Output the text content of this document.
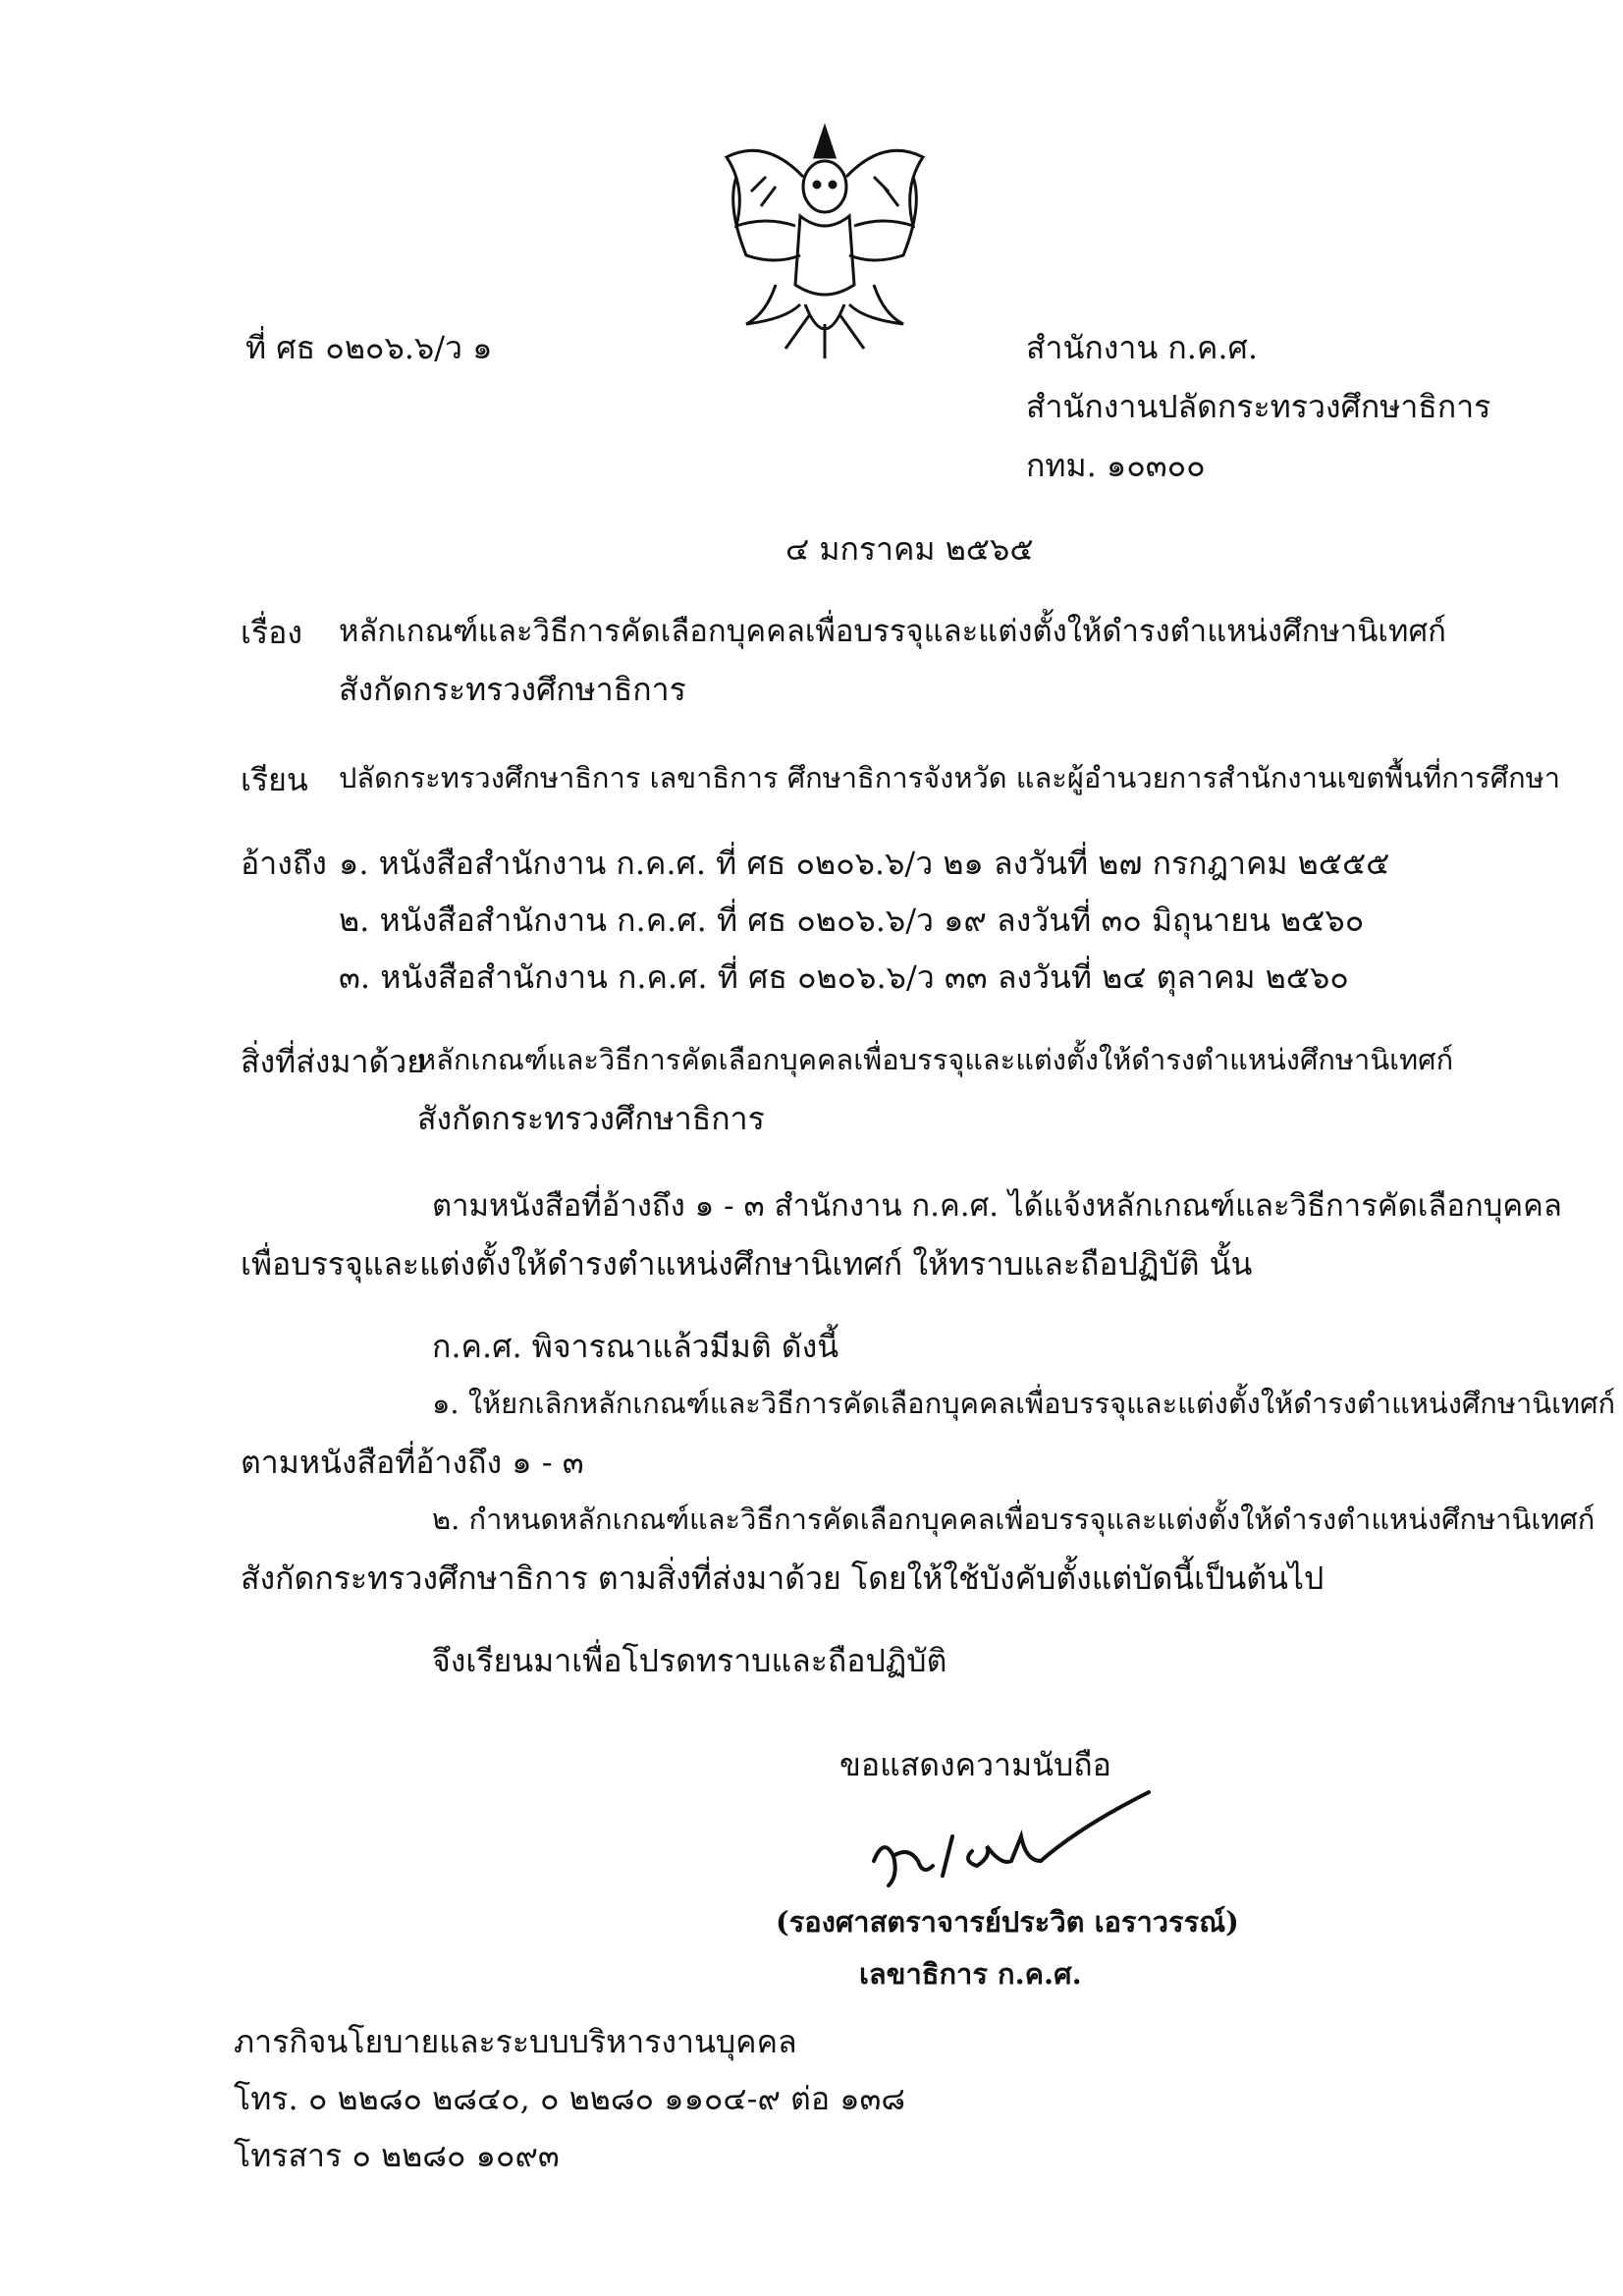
ที่ ศธ ๐๒๐๖.๖/ว ๑	สำนักงาน ก.ค.ศ.
สำนักงานปลัดกระทรวงศึกษาธิการ
กทม. ๑๐๓๐๐
๔ มกราคม ๒๕๖๕
เรื่อง หลักเกณฑ์และวิธีการคัดเลือกบุคคลเพื่อบรรจุและแต่งตั้งให้ดำรงตำแหน่งศึกษานิเทศก์
สังกัดกระทรวงศึกษาธิการ
เรียน ปลัดกระทรวงศึกษาธิการ เลขาธิการ ศึกษาธิการจังหวัด และผู้อำนวยการสำนักงานเขตพื้นที่การศึกษา
อ้างถึง ๑. หนังสือสำนักงาน ก.ค.ศ. ที่ ศธ ๐๒๐๖.๖/ว ๒๑ ลงวันที่ ๒๗ กรกฎาคม ๒๕๕๕
๒. หนังสือสำนักงาน ก.ค.ศ. ที่ ศธ ๐๒๐๖.๖/ว ๑๙ ลงวันที่ ๓๐ มิถุนายน ๒๕๖๐
๓. หนังสือสำนักงาน ก.ค.ศ. ที่ ศธ ๐๒๐๖.๖/ว ๓๓ ลงวันที่ ๒๔ ตุลาคม ๒๕๖๐
สิ่งที่ส่งมาด้วย
หลักเกณฑ์และวิธีการคัดเลือกบุคคลเพื่อบรรจุและแต่งตั้งให้ดำรงตำแหน่งศึกษานิเทศก์
สังกัดกระทรวงศึกษาธิการ
ตามหนังสือที่อ้างถึง ๑ - ๓ สำนักงาน ก.ค.ศ. ได้แจ้งหลักเกณฑ์และวิธีการคัดเลือกบุคคล
เพื่อบรรจุและแต่งตั้งให้ดำรงตำแหน่งศึกษานิเทศก์ ให้ทราบและถือปฏิบัติ นั้น
ก.ค.ศ. พิจารณาแล้วมีมติ ดังนี้
๑. ให้ยกเลิกหลักเกณฑ์และวิธีการคัดเลือกบุคคลเพื่อบรรจุและแต่งตั้งให้ดำรงตำแหน่งศึกษานิเทศก์
ตามหนังสือที่อ้างถึง ๑ - ๓
๒. กำหนดหลักเกณฑ์และวิธีการคัดเลือกบุคคลเพื่อบรรจุและแต่งตั้งให้ดำรงตำแหน่งศึกษานิเทศก์
สังกัดกระทรวงศึกษาธิการ ตามสิ่งที่ส่งมาด้วย โดยให้ใช้บังคับตั้งแต่บัดนี้เป็นต้นไป
จึงเรียนมาเพื่อโปรดทราบและถือปฏิบัติ
ขอแสดงความนับถือ
(รองศาสตราจารย์ประวิต เอราวรรณ์)
เลขาธิการ ก.ค.ศ.
ภารกิจนโยบายและระบบบริหารงานบุคคล
โทร. ๐ ๒๒๘๐ ๒๘๔๐, ๐ ๒๒๘๐ ๑๑๐๔-๙ ต่อ ๑๓๘
โทรสาร ๐ ๒๒๘๐ ๑๐๙๓
